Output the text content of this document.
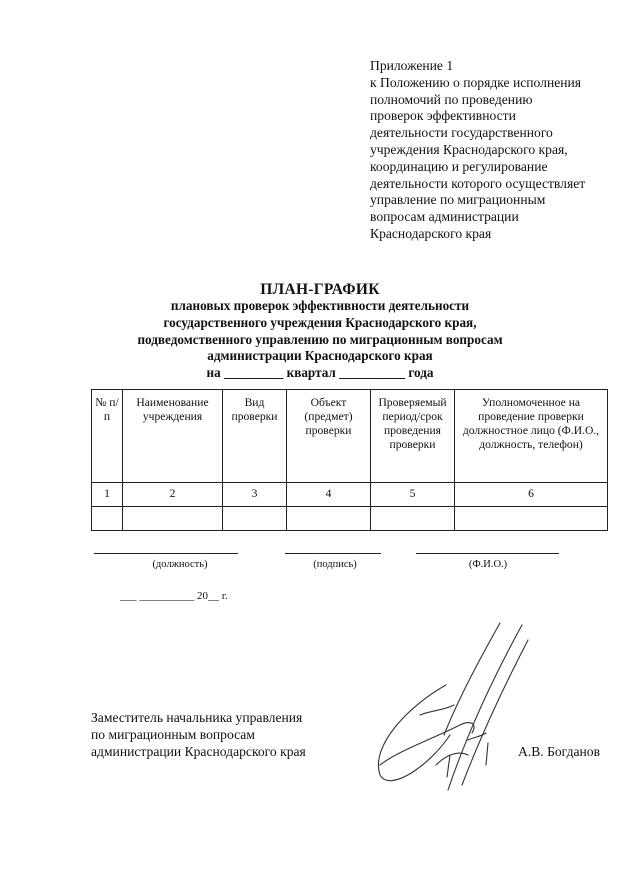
Приложение 1
к Положению о порядке исполнения
полномочий по проведению
проверок эффективности
деятельности государственного
учреждения Краснодарского края,
координацию и регулирование
деятельности которого осуществляет
управление по миграционным
вопросам администрации
Краснодарского края
ПЛАН-ГРАФИК
плановых проверок эффективности деятельности
государственного учреждения Краснодарского края,
подведомственного управлению по миграционным вопросам
администрации Краснодарского края
на _________ квартал __________ года
№ п/п	Наименование учреждения	Вид проверки	Объект (предмет) проверки	Проверяемый период/срок проведения проверки	Уполномоченное на проведение проверки должностное лицо (Ф.И.О., должность, телефон)
1	2	3	4	5	6

(должность)	(подпись)	(Ф.И.О.)
___ __________ 20__ г.
Заместитель начальника управления
по миграционным вопросам
администрации Краснодарского края	А.В. Богданов
